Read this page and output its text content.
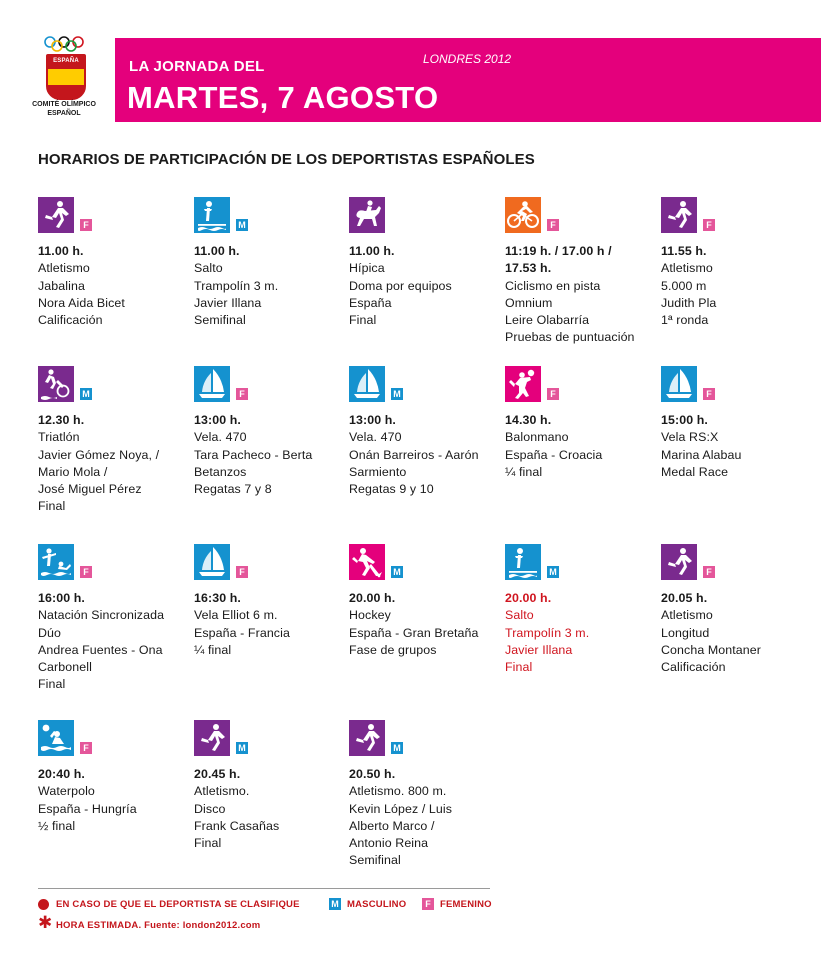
ESPAÑA
COMITÉ OLÍMPICO
ESPAÑOL
LA JORNADA DEL
MARTES, 7 AGOSTO
LONDRES 2012
HORARIOS DE PARTICIPACIÓN DE LOS DEPORTISTAS ESPAÑOLES
F
11.00 h.
Atletismo
Jabalina
Nora Aida Bicet
Calificación
M
11.00 h.
Salto
Trampolín 3 m.
Javier Illana
Semifinal
11.00 h.
Hípica
Doma por equipos
España
Final
F
11:19 h. / 17.00 h /
17.53 h.
Ciclismo en pista
Omnium
Leire Olabarría
Pruebas de puntuación
F
11.55 h.
Atletismo
5.000 m
Judith Pla
1ª ronda
M
12.30 h.
Triatlón
Javier Gómez Noya, /
Mario Mola /
José Miguel Pérez
Final
F
13:00 h.
Vela. 470
Tara Pacheco - Berta
Betanzos
Regatas 7 y 8
M
13:00 h.
Vela. 470
Onán Barreiros - Aarón
Sarmiento
Regatas 9 y 10
F
14.30 h.
Balonmano
España - Croacia
¼ final
F
15:00 h.
Vela RS:X
Marina Alabau
Medal Race
F
16:00 h.
Natación Sincronizada
Dúo
Andrea Fuentes - Ona
Carbonell
Final
F
16:30 h.
Vela Elliot 6 m.
España - Francia
¼ final
M
20.00 h.
Hockey
España - Gran Bretaña
Fase de grupos
M
20.00 h.
Salto
Trampolín 3 m.
Javier Illana
Final
F
20.05 h.
Atletismo
Longitud
Concha Montaner
Calificación
F
20:40 h.
Waterpolo
España - Hungría
½ final
M
20.45 h.
Atletismo.
Disco
Frank Casañas
Final
M
20.50 h.
Atletismo. 800 m.
Kevin López / Luis
Alberto Marco /
Antonio Reina
Semifinal
EN CASO DE QUE EL DEPORTISTA SE CLASIFIQUE
✱ HORA ESTIMADA. Fuente: london2012.com
M MASCULINO	F FEMENINO
